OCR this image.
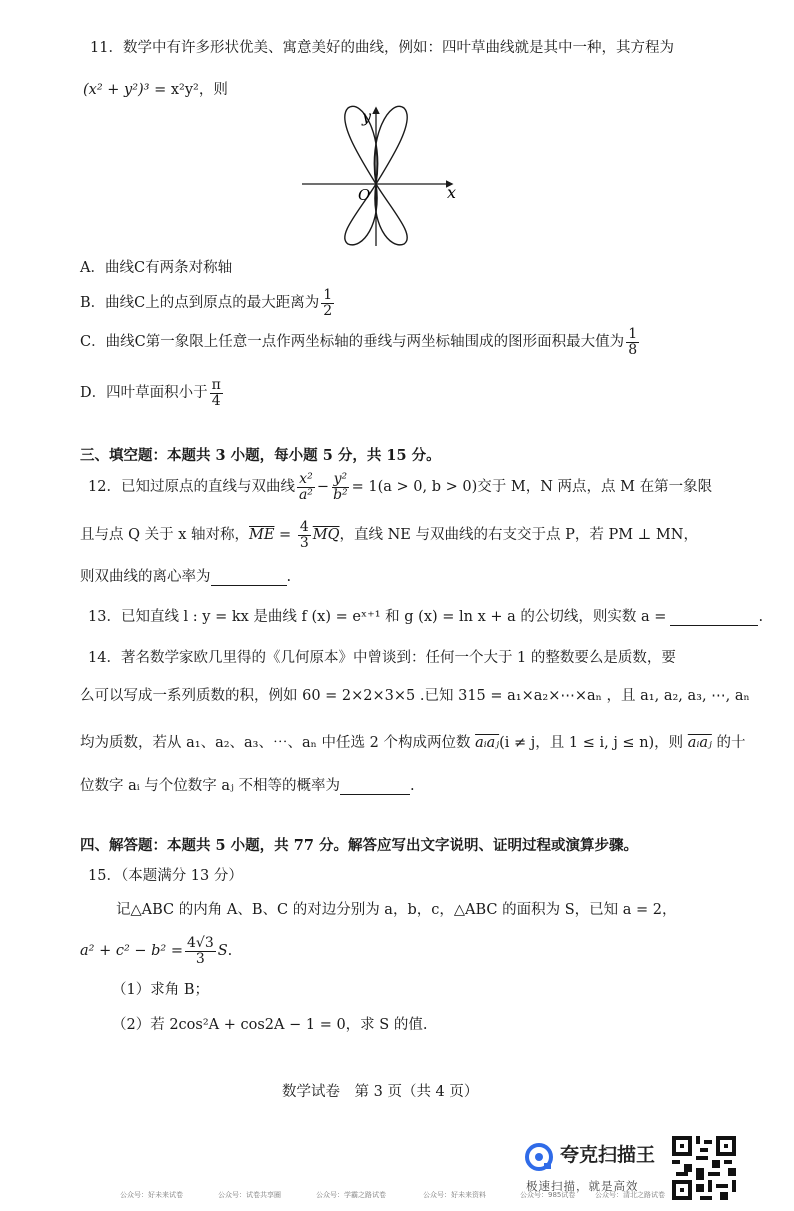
11．数学中有许多形状优美、寓意美好的曲线，例如：四叶草曲线就是其中一种，其方程为
(x² + y²)³ = x²y²，则
y
x
O
A．曲线C有两条对称轴
B．曲线C上的点到原点的最大距离为 $\frac{1}{2}$
C．曲线C第一象限上任意一点作两坐标轴的垂线与两坐标轴围成的图形面积最大值为 $\frac{1}{8}$
D．四叶草面积小于 $\frac{\pi}{4}$
三、填空题：本题共 3 小题，每小题 5 分，共 15 分。
12．已知过原点的直线与双曲线 $\frac{\text{x²}}{\text{a²}} - \frac{\text{y²}}{\text{b²}} = 1(a > 0$, b > 0)交于 M，N 两点，点 M 在第一象限
且与点 Q 关于 x 轴对称，$\overline{ME} = \frac{4}{3} \overline{MQ}$，直线 NE 与双曲线的右支交于点 P，若 PM ⊥ MN，
则双曲线的离心率为	.
13．已知直线 l : y = kx 是曲线 f (x) = eˣ⁺¹ 和 g (x) = ln x + a 的公切线，则实数 a =	.
14．著名数学家欧几里得的《几何原本》中曾谈到：任何一个大于 1 的整数要么是质数，要
么可以写成一系列质数的积，例如 60 = 2×2×3×5 .已知 315 = a₁×a₂×⋯×aₙ ，且 a₁, a₂, a₃, ⋯, aₙ
均为质数，若从 a₁、a₂、a₃、⋯、aₙ 中任选 2 个构成两位数 aᵢaⱼ(i ≠ j，且 1 ≤ i, j ≤ n)，则 aᵢaⱼ 的十
位数字 aᵢ 与个位数字 aⱼ 不相等的概率为	.
四、解答题：本题共 5 小题，共 77 分。解答应写出文字说明、证明过程或演算步骤。
15．（本题满分 13 分）
记△ABC 的内角 A、B、C 的对边分别为 a，b，c，△ABC 的面积为 S，已知 a = 2，
$a^2 + c^2 - b^2 = \frac{4√3}{3} S$.
（1）求角 B；
（2）若 2cos²A + cos2A − 1 = 0，求 S 的值.
数学试卷　第 3 页（共 4 页）
夸克扫描王
极速扫描，就是高效
公众号：好未来试卷	公众号：试卷共享圈	公众号：学霸之路试卷	公众号：好未来资料	公众号：985试卷	公众号：清北之路试卷
